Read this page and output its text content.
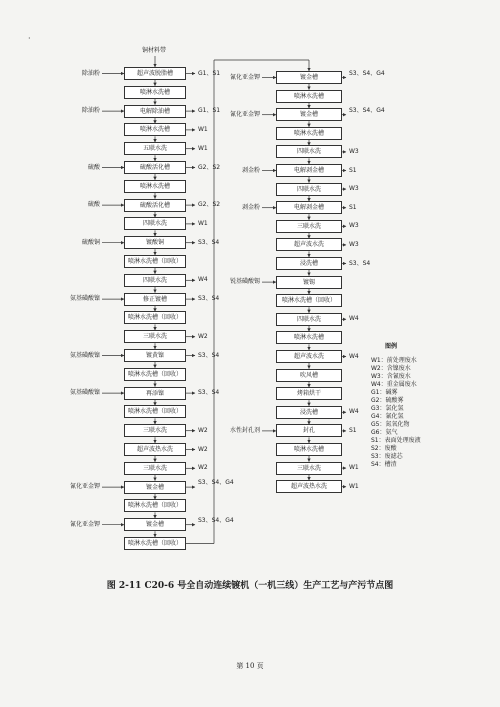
超声波脱脂槽
除油粉	G1、S1
喷淋水洗槽
电解除油槽
除油粉	G1、S1
喷淋水洗槽	W1
五联水洗	W1
硫酸活化槽
硫酸	G2、S2
喷淋水洗槽
硫酸活化槽
硫酸	G2、S2
四联水洗	W1
镀酸铜
硫酸铜	S3、S4
喷淋水洗槽（回收）
四联水洗	W4
修正镀槽
氨基磺酸镍	S3、S4
喷淋水洗槽（回收）
三联水洗	W2
镀黄镍
氨基磺酸镍	S3、S4
喷淋水洗槽（回收）
再添镍
氨基磺酸镍	S3、S4
喷淋水洗槽（回收）
三联水洗	W2
超声波热水洗	W2
三联水洗	W2
镀金槽
氰化亚金钾
S3、S4、G4
喷淋水洗槽（回收）
镀金槽
氰化亚金钾
S3、S4、G4
喷淋水洗槽（回收）
镀金槽
氰化亚金钾
S3、S4、G4
喷淋水洗槽
镀金槽
氰化亚金钾
S3、S4、G4
喷淋水洗槽
四联水洗	W3
电解剥金槽
剥金粉	S1
四联水洗	W3
电解剥金槽
剥金粉	S1
三联水洗	W3
超声波水洗	W3
浸洗槽	S3、S4
镀锡
锐基磺酸锡
喷淋水洗槽（回收）
四联水洗	W4
喷淋水洗槽
超声波水洗	W4
吹风槽
烤箱烘干
浸洗槽	W4
封孔
水性封孔剂	S1
喷淋水洗槽
三联水洗	W1
超声波热水洗	W1
铜材料带
图例
W1：前处理废水
W2：含镍废水
W3：含氰废水
W4：重金属废水
G1：碱雾
G2：硫酸雾
G3：氯化氢
G4：氰化氢
G5：氮氧化物
G6：氨气
S1：表面处理废液
S2：废酸
S3：废滤芯
S4：槽渣
·
图 2-11 C20-6 号全自动连续镀机（一机三线）生产工艺与产污节点图
第 10 页
